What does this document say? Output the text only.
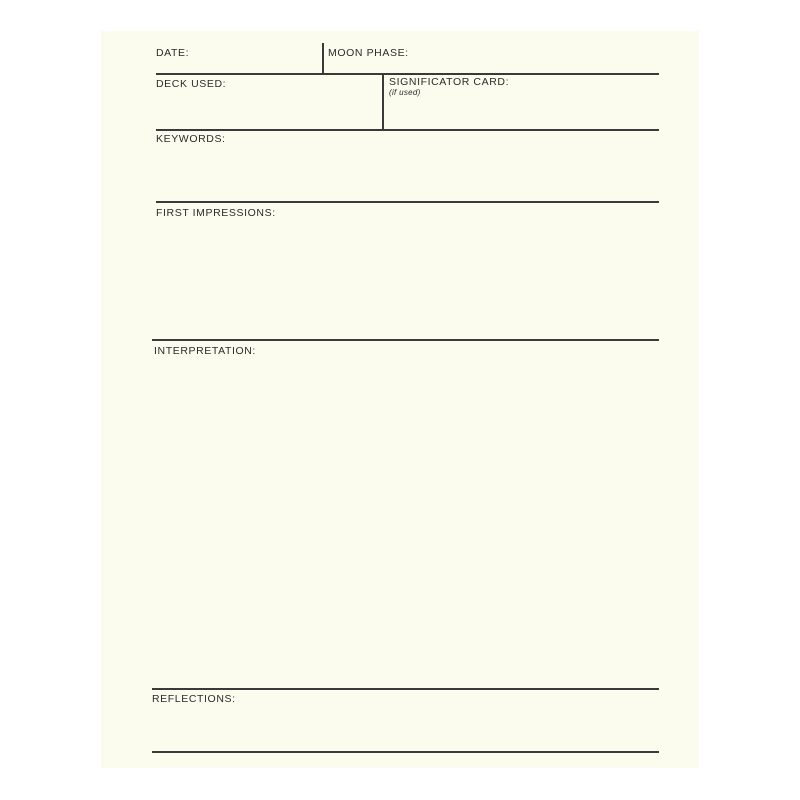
DATE:	MOON PHASE:
DECK USED:	SIGNIFICATOR CARD:
(if used)
KEYWORDS:
FIRST IMPRESSIONS:
INTERPRETATION:
REFLECTIONS:
